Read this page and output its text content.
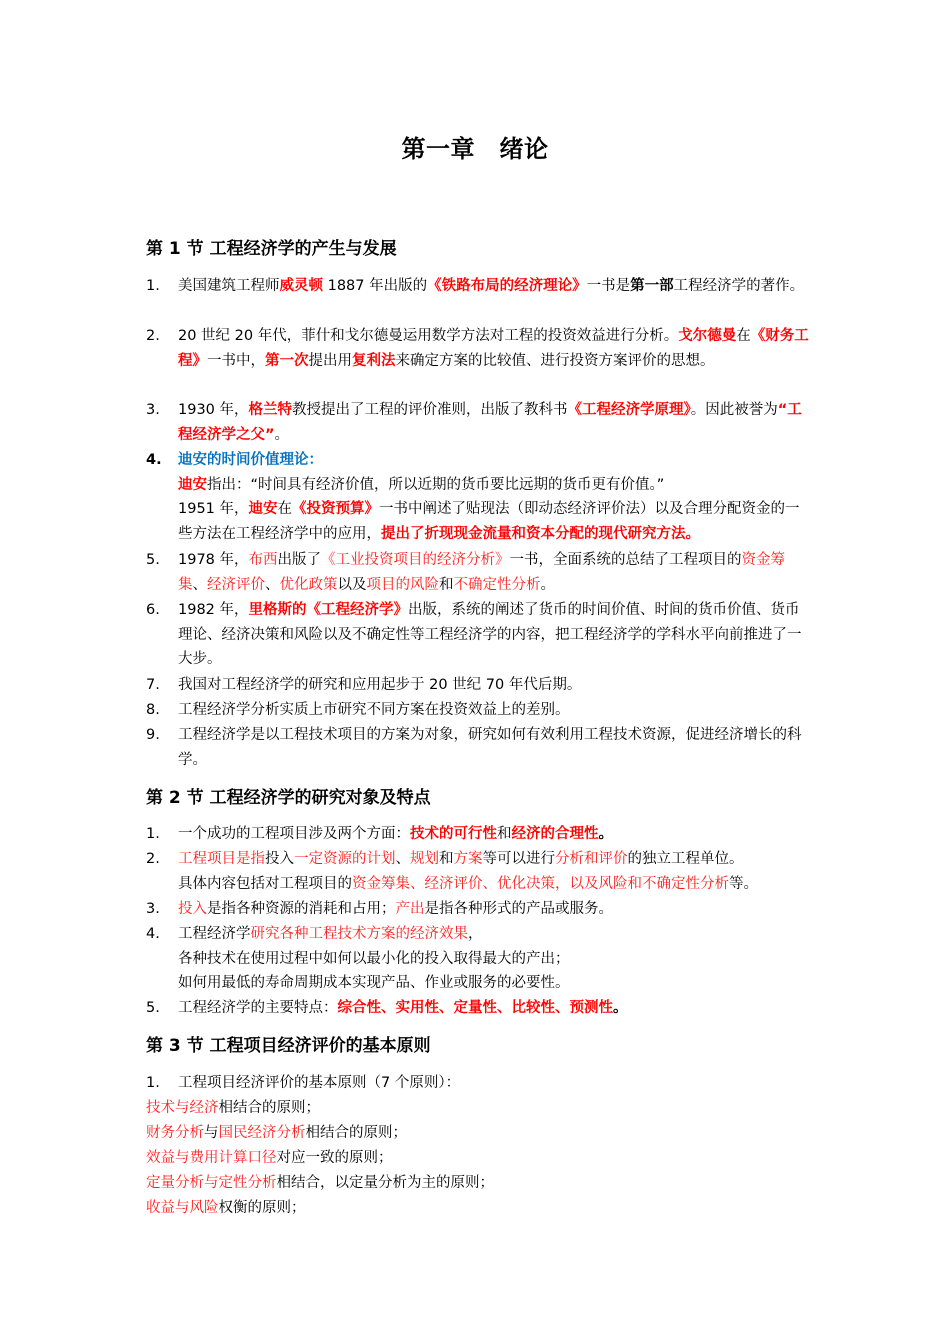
第一章　绪论
第 1 节 工程经济学的产生与发展
1.	美国建筑工程师威灵顿 1887 年出版的《铁路布局的经济理论》一书是第一部工程经济学的著作。
2.	20 世纪 20 年代，菲什和戈尔德曼运用数学方法对工程的投资效益进行分析。戈尔德曼在《财务工程》一书中，第一次提出用复利法来确定方案的比较值、进行投资方案评价的思想。
3.	1930 年，格兰特教授提出了工程的评价准则，出版了教科书《工程经济学原理》。因此被誉为“工程经济学之父”。
4.	迪安的时间价值理论：
迪安指出：“时间具有经济价值，所以近期的货币要比远期的货币更有价值。”
1951 年，迪安在《投资预算》一书中阐述了贴现法（即动态经济评价法）以及合理分配资金的一些方法在工程经济学中的应用，提出了折现现金流量和资本分配的现代研究方法。
5.	1978 年，布西出版了《工业投资项目的经济分析》一书，全面系统的总结了工程项目的资金筹集、经济评价、优化政策以及项目的风险和不确定性分析。
6.	1982 年，里格斯的《工程经济学》出版，系统的阐述了货币的时间价值、时间的货币价值、货币理论、经济决策和风险以及不确定性等工程经济学的内容，把工程经济学的学科水平向前推进了一大步。
7.	我国对工程经济学的研究和应用起步于 20 世纪 70 年代后期。
8.	工程经济学分析实质上市研究不同方案在投资效益上的差别。
9.	工程经济学是以工程技术项目的方案为对象，研究如何有效利用工程技术资源，促进经济增长的科学。
第 2 节 工程经济学的研究对象及特点
1.	一个成功的工程项目涉及两个方面：技术的可行性和经济的合理性。
2.	工程项目是指投入一定资源的计划、规划和方案等可以进行分析和评价的独立工程单位。
具体内容包括对工程项目的资金筹集、经济评价、优化决策，以及风险和不确定性分析等。
3.	投入是指各种资源的消耗和占用；产出是指各种形式的产品或服务。
4.	工程经济学研究各种工程技术方案的经济效果，
各种技术在使用过程中如何以最小化的投入取得最大的产出；
如何用最低的寿命周期成本实现产品、作业或服务的必要性。
5.	工程经济学的主要特点：综合性、实用性、定量性、比较性、预测性。
第 3 节 工程项目经济评价的基本原则
1.	工程项目经济评价的基本原则（7 个原则）：
技术与经济相结合的原则；
财务分析与国民经济分析相结合的原则；
效益与费用计算口径对应一致的原则；
定量分析与定性分析相结合，以定量分析为主的原则；
收益与风险权衡的原则；
